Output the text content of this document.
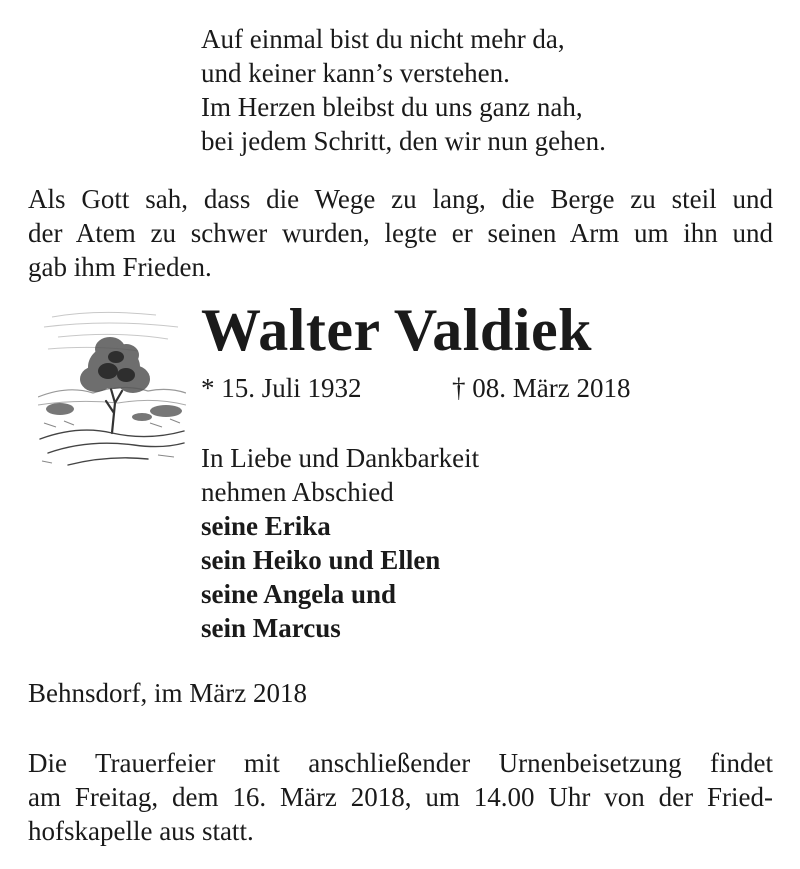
Auf einmal bist du nicht mehr da,

und keiner kann’s verstehen.

Im Herzen bleibst du uns ganz nah,

bei jedem Schritt, den wir nun gehen.

Als Gott sah, dass die Wege zu lang, die Berge zu steil und

der Atem zu schwer wurden, legte er seinen Arm um ihn und

gab ihm Frieden.

Walter Valdiek

* 15. Juli 1932	† 08. März 2018

In Liebe und Dankbarkeit

nehmen Abschied

seine Erika

sein Heiko und Ellen

seine Angela und

sein Marcus

Behnsdorf, im März 2018

Die Trauerfeier mit anschließender Urnenbeisetzung findet

am Freitag, dem 16. März 2018, um 14.00 Uhr von der Fried-

hofskapelle aus statt.
